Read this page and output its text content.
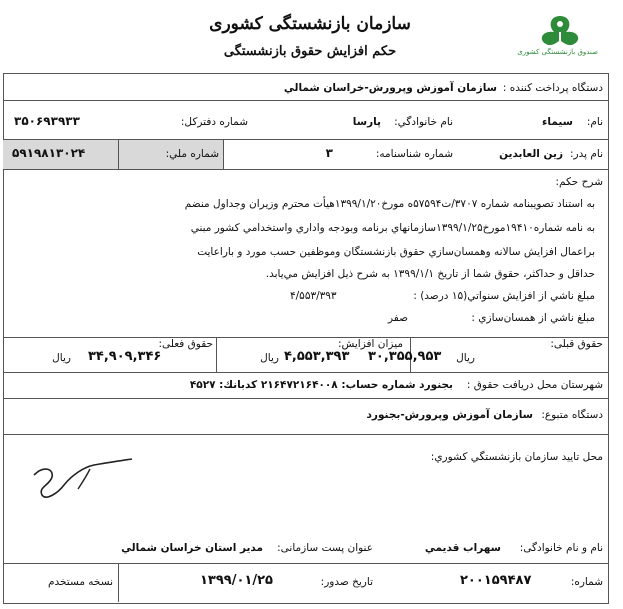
صندوق بازنشستگی کشوری
سازمان بازنشستگی کشوری
حکم افزایش حقوق بازنشستگی
دستگاه پرداخت کننده :
سازمان آموزش وپرورش-خراسان شمالي
نام:
سیماء
نام خانوادگي:
پارسا
شماره دفترکل:
۳۵۰۶۹۳۹۳۳
نام پدر:
زين العابدين
شماره شناسنامه:
۳
شماره ملي:
۵۹۱۹۸۱۳۰۲۴
شرح حکم:
به استناد تصويبنامه شماره ۳۷۰۷/ت۵۷۵۹۴ه مورخ۱۳۹۹/۱/۲۰هيأت محترم وزيران وجداول منضم
به نامه شماره۱۹۴۱۰مورخ۱۳۹۹/۱/۲۵سازمانهاي برنامه وبودجه واداري واستخدامي كشور مبني
براعمال افزايش سالانه وهمسان‌سازي حقوق بازنشستگان وموظفين حسب مورد و باراعايت
حداقل و حداكثر، حقوق شما از تاريخ ۱۳۹۹/۱/۱ به شرح ذيل افزايش مي‌يابد.
مبلغ ناشي از افزايش سنواتي(۱۵ درصد) :
۴/۵۵۳/۳۹۳
مبلغ ناشي از همسان‌سازي :
صفر
حقوق قبلی:
ریال
۳۰,۳۵۵,۹۵۳
میزان افزایش:
ریال ۴,۵۵۳,۳۹۳
حقوق فعلی:
ریال ۳۴,۹۰۹,۳۴۶
شهرستان محل دریافت حقوق :
بجنورد شماره حساب: ۲۱۶۴۷۲۱۶۴۰۰۸ کدبانك: ۴۵۲۷
دستگاه متبوع:
سازمان آموزش وپرورش-بجنورد
محل تاييد سازمان بازنشستگي كشوري:
نام و نام خانوادگی:
سهراب قديمي
عنوان پست سازمانی:
مدير استان خراسان شمالي
شماره:
۲۰۰۱۵۹۴۸۷
تاریخ صدور:
۱۳۹۹/۰۱/۲۵
نسخه مستخدم
